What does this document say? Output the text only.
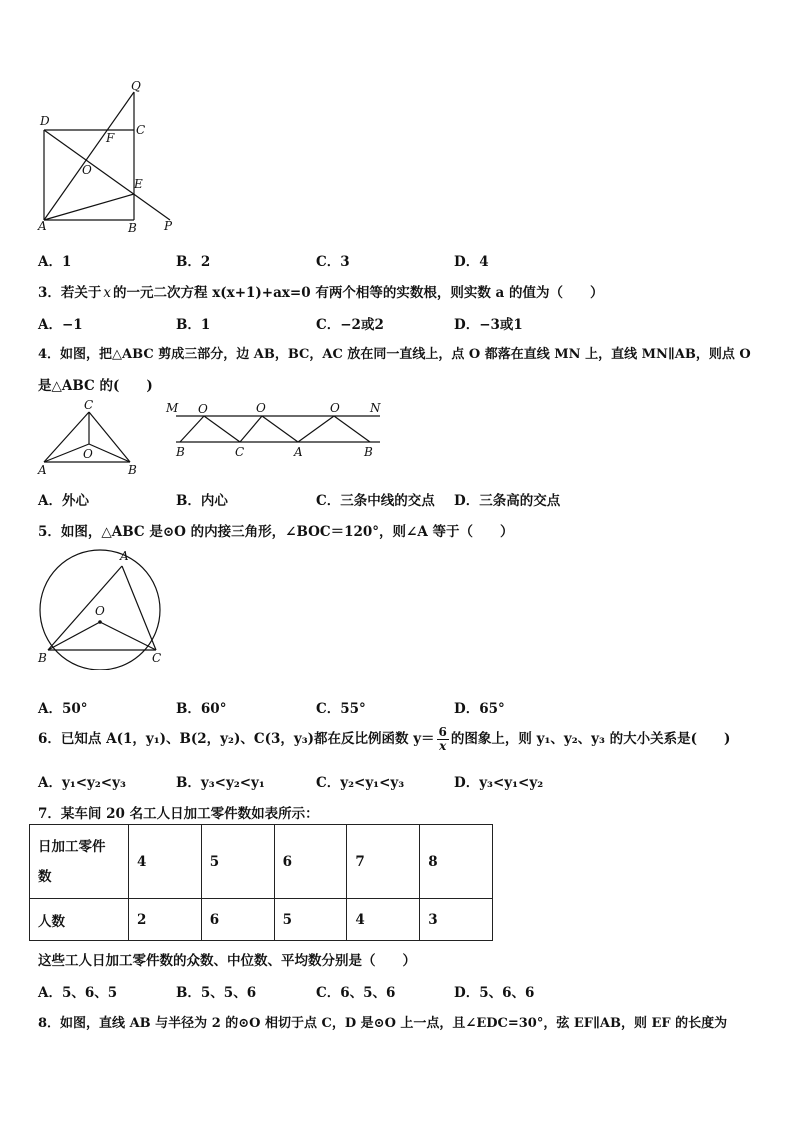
Q
D
C
F
O
E
A	B P
A．1	B．2	C．3	D．4
3．若关于 x 的一元二次方程 x(x+1)+ax=0 有两个相等的实数根，则实数 a 的值为（　　）
A．−1	B．1	C．−2或2	D．−3或1
4．如图，把△ABC 剪成三部分，边 AB，BC，AC 放在同一直线上，点 O 都落在直线 MN 上，直线 MN∥AB，则点 O
是△ABC 的(　　)
C
O
A	B
M	N
O	O	O
B	C	A	B
A．外心	B．内心	C．三条中线的交点 D．三条高的交点
5．如图，△ABC 是⊙O 的内接三角形，∠BOC＝120°，则∠A 等于（　　）
A
O
B	C
A．50°	B．60°	C．55°	D．65°
6．已知点 A(1，y₁)、B(2，y₂)、C(3，y₃)都在反比例函数 $y= \frac{6}{x}$ 的图象上，则 y₁、y₂、y₃ 的大小关系是(　　)
A．y₁<y₂<y₃	B．y₃<y₂<y₁	C．y₂<y₁<y₃	D．y₃<y₁<y₂
7．某车间 20 名工人日加工零件数如表所示：
日加工零件
数	4	5	6	7	8
人数	2	6	5	4	3
这些工人日加工零件数的众数、中位数、平均数分别是（　　）
A．5、6、5	B．5、5、6	C．6、5、6	D．5、6、6
8．如图，直线 AB 与半径为 2 的⊙O 相切于点 C，D 是⊙O 上一点，且∠EDC=30°，弦 EF∥AB，则 EF 的长度为
